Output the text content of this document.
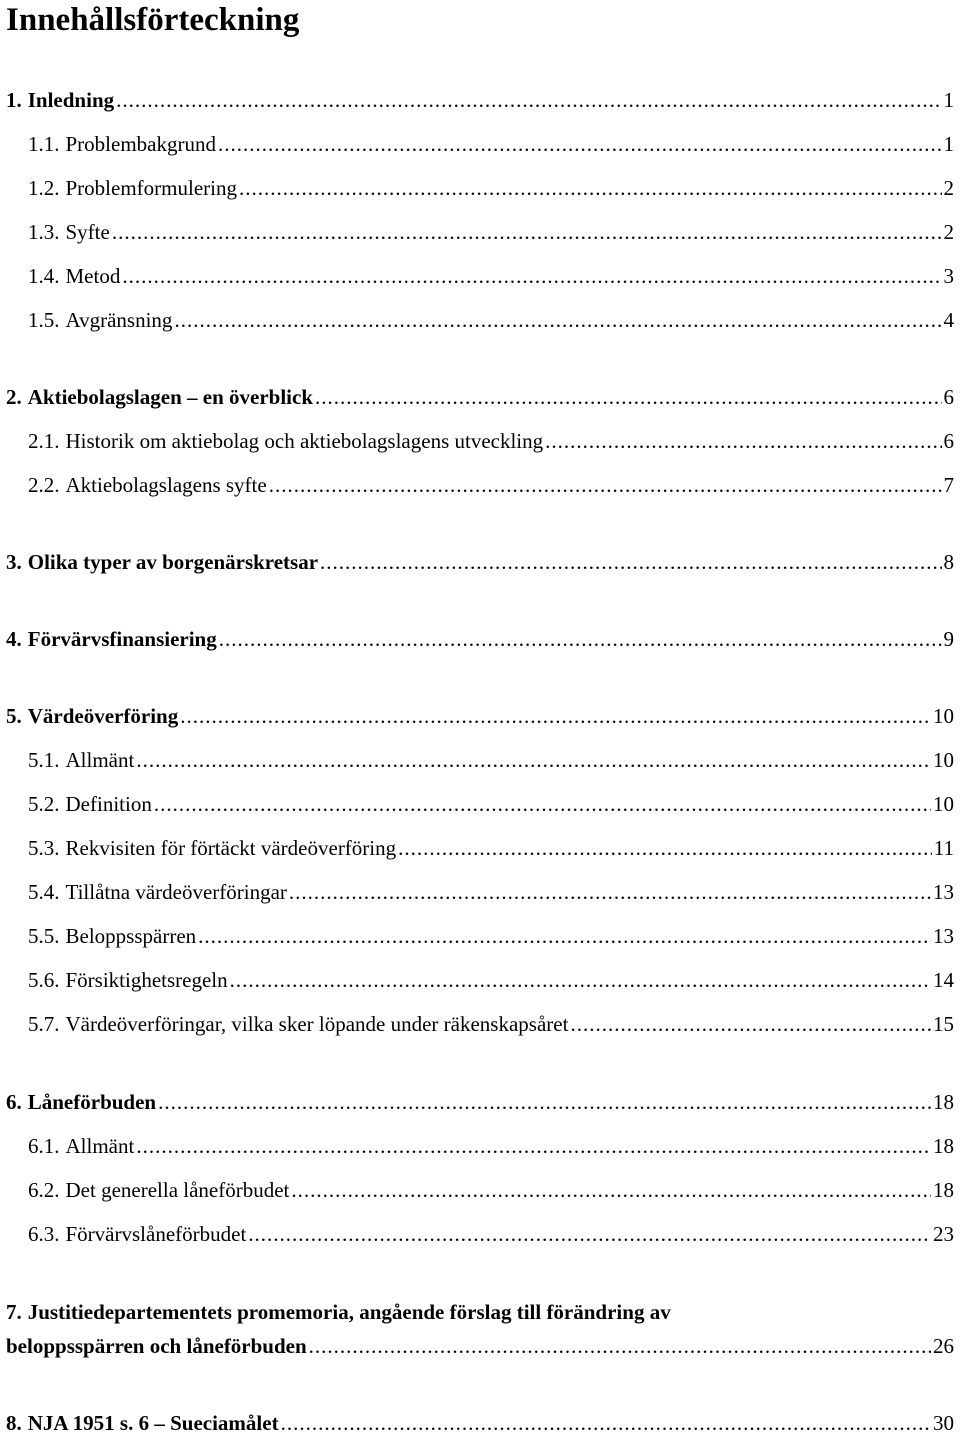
Innehållsförteckning
1. Inledning .....	1
1.1. Problembakgrund .....	1
1.2. Problemformulering .....	2
1.3. Syfte .....	2
1.4. Metod .....	3
1.5. Avgränsning .....	4
2. Aktiebolagslagen – en överblick .....	6
2.1. Historik om aktiebolag och aktiebolagslagens utveckling .....	6
2.2. Aktiebolagslagens syfte .....	7
3. Olika typer av borgenärskretsar .....	8
4. Förvärvsfinansiering .....	9
5. Värdeöverföring .....	10
5.1. Allmänt .....	10
5.2. Definition .....	10
5.3. Rekvisiten för förtäckt värdeöverföring .....	11
5.4. Tillåtna värdeöverföringar .....	13
5.5. Beloppsspärren .....	13
5.6. Försiktighetsregeln .....	14
5.7. Värdeöverföringar, vilka sker löpande under räkenskapsåret .....	15
6. Låneförbuden .....	18
6.1. Allmänt .....	18
6.2. Det generella låneförbudet .....	18
6.3. Förvärvslåneförbudet .....	23
7. Justitiedepartementets promemoria, angående förslag till förändring av
beloppsspärren och låneförbuden .....	26
8. NJA 1951 s. 6 – Sueciamålet .....	30
